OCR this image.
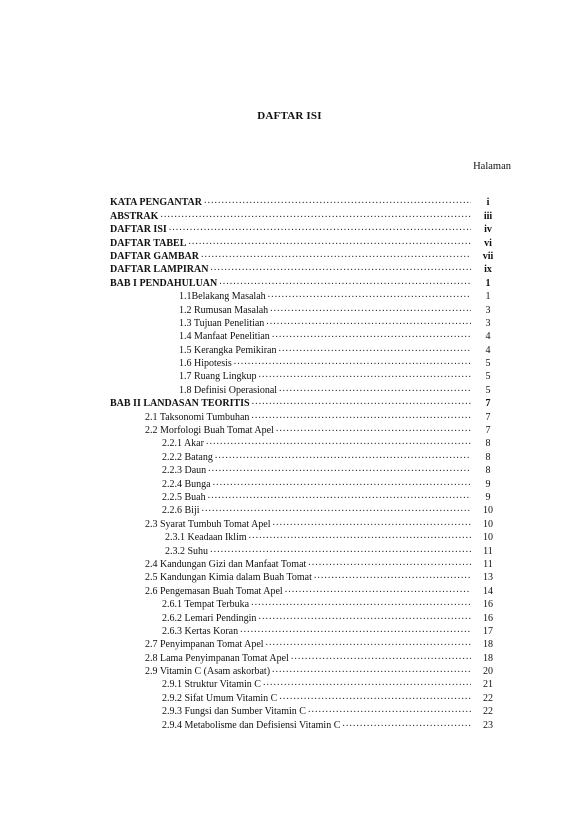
DAFTAR ISI
Halaman
KATA PENGANTAR .....	i
ABSTRAK .....	iii
DAFTAR ISI .....	iv
DAFTAR TABEL .....	vi
DAFTAR GAMBAR .....	vii
DAFTAR LAMPIRAN .....	ix
BAB I PENDAHULUAN .....	1
1.1Belakang Masalah .....	1
1.2 Rumusan Masalah .....	3
1.3 Tujuan Penelitian .....	3
1.4 Manfaat Penelitian .....	4
1.5 Kerangka Pemikiran .....	4
1.6 Hipotesis .....	5
1.7 Ruang Lingkup .....	5
1.8 Definisi Operasional .....	5
BAB II LANDASAN TEORITIS .....	7
2.1 Taksonomi Tumbuhan .....	7
2.2 Morfologi Buah Tomat Apel .....	7
2.2.1 Akar .....	8
2.2.2 Batang .....	8
2.2.3 Daun .....	8
2.2.4 Bunga .....	9
2.2.5 Buah .....	9
2.2.6 Biji .....	10
2.3 Syarat Tumbuh Tomat Apel .....	10
2.3.1 Keadaan Iklim .....	10
2.3.2 Suhu .....	11
2.4 Kandungan Gizi dan Manfaat Tomat .....	11
2.5 Kandungan Kimia dalam Buah Tomat .....	13
2.6 Pengemasan Buah Tomat Apel .....	14
2.6.1 Tempat Terbuka .....	16
2.6.2 Lemari Pendingin .....	16
2.6.3 Kertas Koran .....	17
2.7 Penyimpanan Tomat Apel .....	18
2.8 Lama Penyimpanan Tomat Apel .....	18
2.9 Vitamin C (Asam askorbat) .....	20
2.9.1 Struktur Vitamin C .....	21
2.9.2 Sifat Umum Vitamin C .....	22
2.9.3 Fungsi dan Sumber Vitamin C .....	22
2.9.4 Metabolisme dan Defisiensi Vitamin C .....	23
